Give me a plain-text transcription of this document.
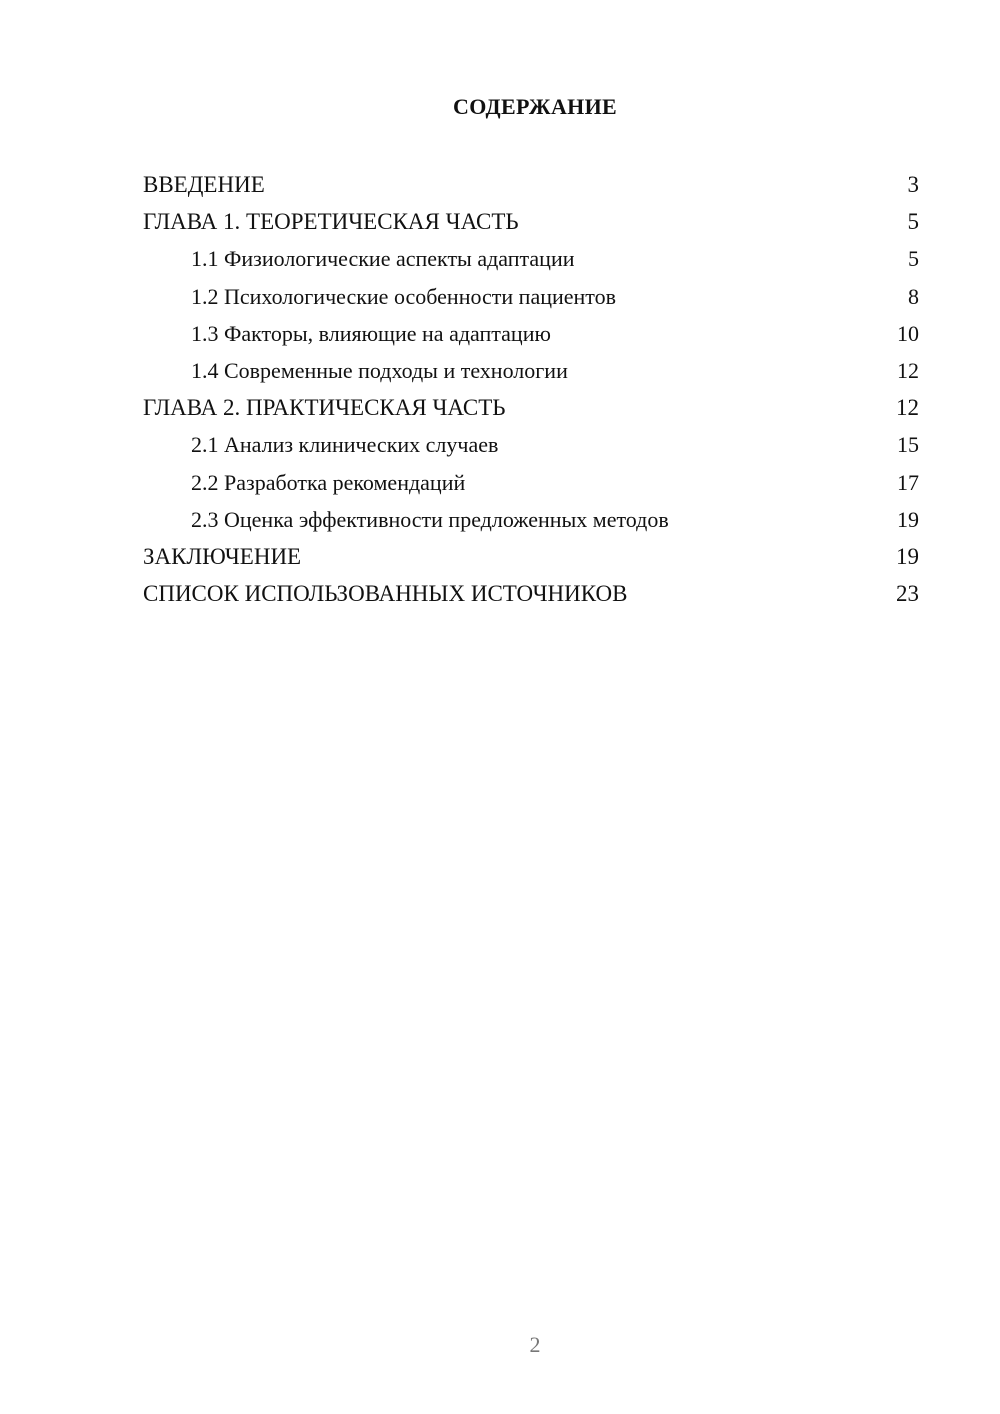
СОДЕРЖАНИЕ
ВВЕДЕНИЕ	3
ГЛАВА 1. ТЕОРЕТИЧЕСКАЯ ЧАСТЬ	5
1.1 Физиологические аспекты адаптации	5
1.2 Психологические особенности пациентов	8
1.3 Факторы, влияющие на адаптацию	10
1.4 Современные подходы и технологии	12
ГЛАВА 2. ПРАКТИЧЕСКАЯ ЧАСТЬ	12
2.1 Анализ клинических случаев	15
2.2 Разработка рекомендаций	17
2.3 Оценка эффективности предложенных методов	19
ЗАКЛЮЧЕНИЕ	19
СПИСОК ИСПОЛЬЗОВАННЫХ ИСТОЧНИКОВ	23
2
